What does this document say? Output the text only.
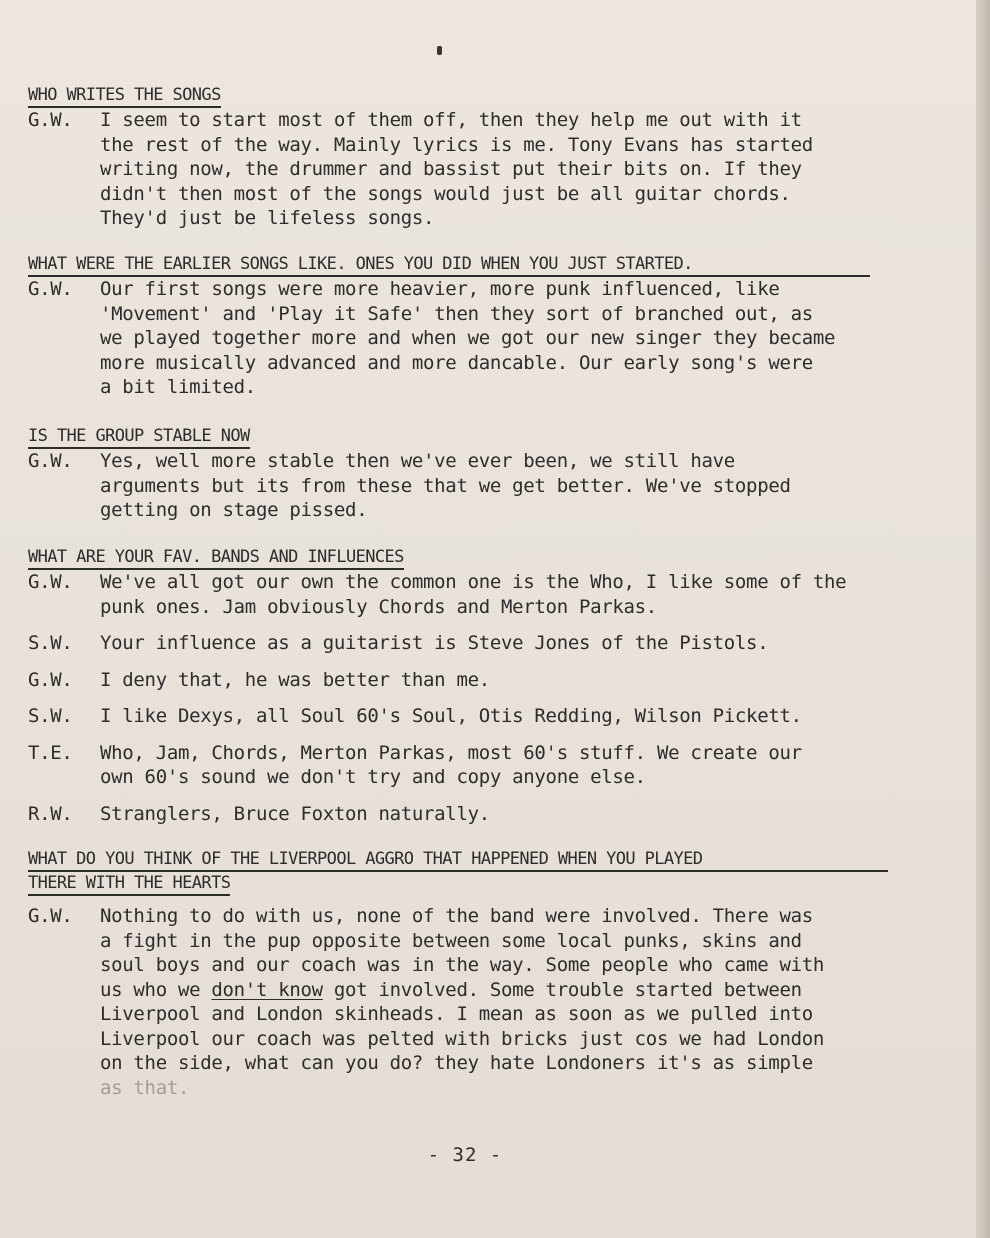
WHO WRITES THE SONGS
G.W.	I seem to start most of them off, then they help me out with it
the rest of the way. Mainly lyrics is me. Tony Evans has started
writing now, the drummer and bassist put their bits on. If they
didn't then most of the songs would just be all guitar chords.
They'd just be lifeless songs.
WHAT WERE THE EARLIER SONGS LIKE. ONES YOU DID WHEN YOU JUST STARTED.
G.W.	Our first songs were more heavier, more punk influenced, like
'Movement' and 'Play it Safe' then they sort of branched out, as
we played together more and when we got our new singer they became
more musically advanced and more dancable. Our early song's were
a bit limited.
IS THE GROUP STABLE NOW
G.W.	Yes, well more stable then we've ever been, we still have
arguments but its from these that we get better. We've stopped
getting on stage pissed.
WHAT ARE YOUR FAV. BANDS AND INFLUENCES
G.W.	We've all got our own the common one is the Who, I like some of the
punk ones. Jam obviously Chords and Merton Parkas.
S.W.	Your influence as a guitarist is Steve Jones of the Pistols.
G.W.	I deny that, he was better than me.
S.W.	I like Dexys, all Soul 60's Soul, Otis Redding, Wilson Pickett.
T.E.	Who, Jam, Chords, Merton Parkas, most 60's stuff. We create our
own 60's sound we don't try and copy anyone else.
R.W.	Stranglers, Bruce Foxton naturally.
WHAT DO YOU THINK OF THE LIVERPOOL AGGRO THAT HAPPENED WHEN YOU PLAYED
THERE WITH THE HEARTS
G.W.	Nothing to do with us, none of the band were involved. There was
a fight in the pup opposite between some local punks, skins and
soul boys and our coach was in the way. Some people who came with
us who we don't know got involved. Some trouble started between
Liverpool and London skinheads. I mean as soon as we pulled into
Liverpool our coach was pelted with bricks just cos we had London
on the side, what can you do? they hate Londoners it's as simple
as that.
- 32 -
